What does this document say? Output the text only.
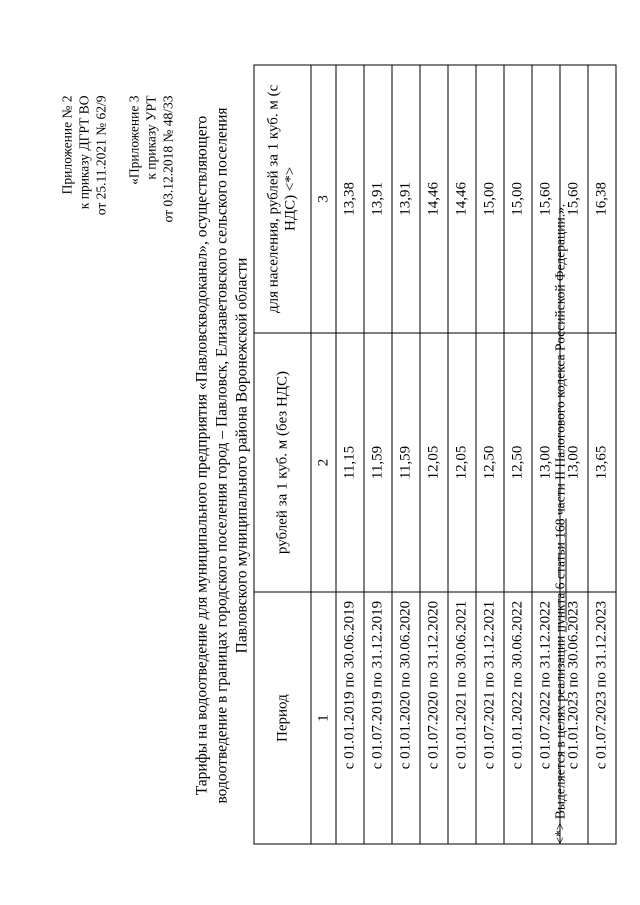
Приложение № 2 к приказу ДГРТ ВО от 25.11.2021 № 62/9 «Приложение 3 к приказу УРТ от 03.12.2018 № 48/33 Тарифы на водоотведение для муниципального предприятия «Павловскводоканал», осуществляющего водоотведение в границах городского поселения город – Павловск, Елизаветовского сельского поселения Павловского муниципального района Воронежской области
Период	рублей за 1 куб. м (без НДС)	для населения, рублей за 1 куб. м (с НДС) <*>
1	2	3
с 01.01.2019 по 30.06.2019	11,15	13,38
с 01.07.2019 по 31.12.2019	11,59	13,91
с 01.01.2020 по 30.06.2020	11,59	13,91
с 01.07.2020 по 31.12.2020	12,05	14,46
с 01.01.2021 по 30.06.2021	12,05	14,46
с 01.07.2021 по 31.12.2021	12,50	15,00
с 01.01.2022 по 30.06.2022	12,50	15,00
с 01.07.2022 по 31.12.2022	13,00	15,60
с 01.01.2023 по 30.06.2023	13,00	15,60
с 01.07.2023 по 31.12.2023	13,65	16,38
<*> Выделяется в целях реализации пункта 6 статьи 168 части II Налогового кодекса Российской Федерации.».
